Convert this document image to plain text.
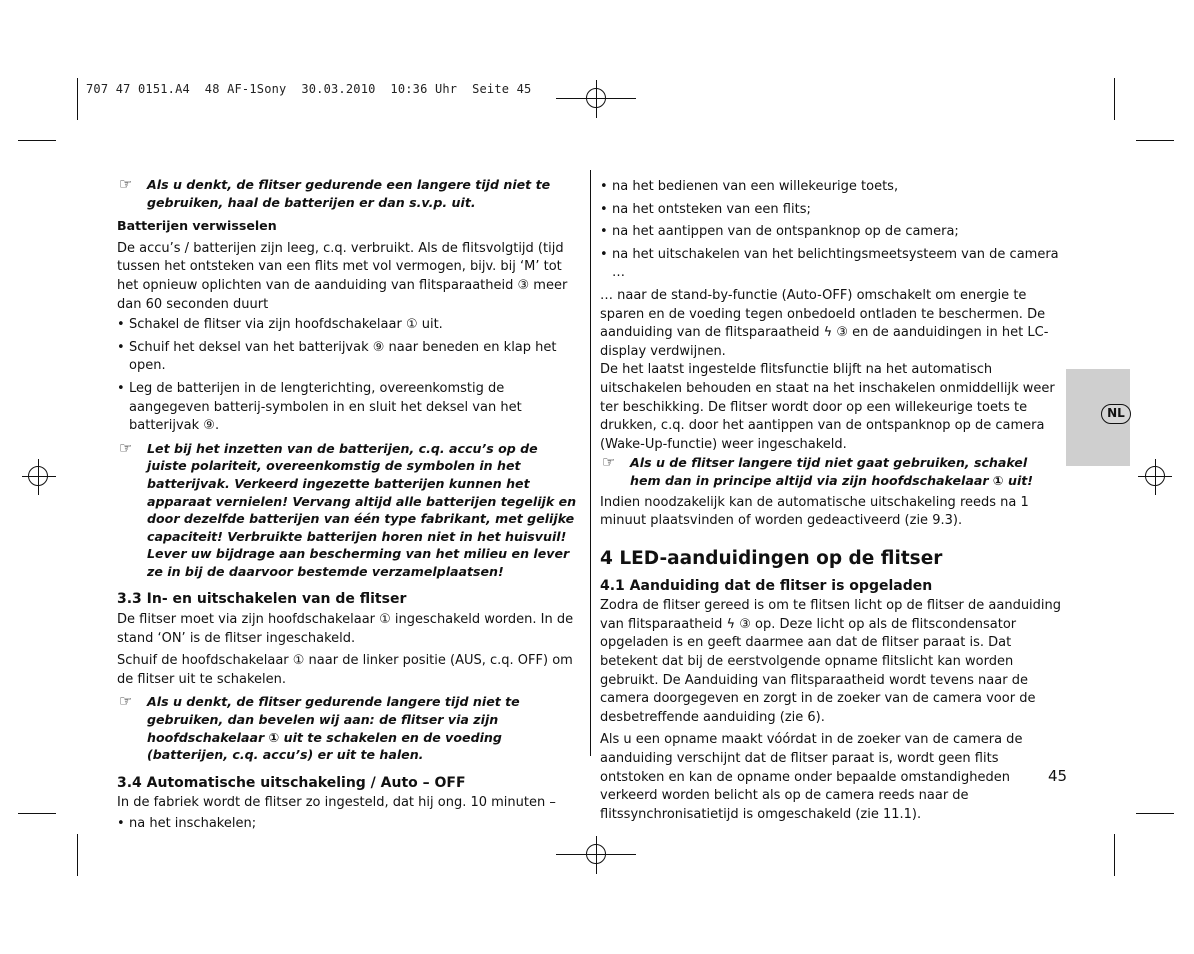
707 47 0151.A4  48 AF-1Sony  30.03.2010  10:36 Uhr  Seite 45

☞ Als u denkt, de flitser gedurende een langere tijd niet te gebruiken, haal de batterijen er dan s.v.p. uit.

Batterijen verwisselen

De accu’s / batterijen zijn leeg, c.q. verbruikt. Als de flitsvolgtijd (tijd tussen het ontsteken van een flits met vol vermogen, bijv. bij ‘M’ tot het opnieuw oplichten van de aanduiding van flitsparaatheid ③ meer dan 60 seconden duurt

• Schakel de flitser via zijn hoofdschakelaar ① uit.

• Schuif het deksel van het batterijvak ⑨ naar beneden en klap het open.

• Leg de batterijen in de lengterichting, overeenkomstig de aangegeven batterij-symbolen in en sluit het deksel van het batterijvak ⑨.

☞ Let bij het inzetten van de batterijen, c.q. accu’s op de juiste polariteit, overeenkomstig de symbolen in het batterijvak. Verkeerd ingezette batterijen kunnen het apparaat vernielen! Vervang altijd alle batterijen tegelijk en door dezelfde batterijen van één type fabrikant, met gelijke capaciteit! Verbruikte batterijen horen niet in het huisvuil! Lever uw bijdrage aan bescherming van het milieu en lever ze in bij de daarvoor bestemde verzamelplaatsen!

3.3 In- en uitschakelen van de flitser

De flitser moet via zijn hoofdschakelaar ① ingeschakeld worden. In de stand ‘ON’ is de flitser ingeschakeld.

Schuif de hoofdschakelaar ① naar de linker positie (AUS, c.q. OFF) om de flitser uit te schakelen.

☞ Als u denkt, de flitser gedurende langere tijd niet te gebruiken, dan bevelen wij aan: de flitser via zijn hoofdschakelaar ① uit te schakelen en de voeding (batterijen, c.q. accu’s) er uit te halen.

3.4 Automatische uitschakeling / Auto – OFF

In de fabriek wordt de flitser zo ingesteld, dat hij ong. 10 minuten –

• na het inschakelen;

• na het bedienen van een willekeurige toets,

• na het ontsteken van een flits;

• na het aantippen van de ontspanknop op de camera;

• na het uitschakelen van het belichtingsmeetsysteem van de camera …

… naar de stand-by-functie (Auto-OFF) omschakelt om energie te sparen en de voeding tegen onbedoeld ontladen te beschermen. De aanduiding van de flitsparaatheid ϟ ③ en de aanduidingen in het LC-display verdwijnen.

De het laatst ingestelde flitsfunctie blijft na het automatisch uitschakelen behouden en staat na het inschakelen onmiddellijk weer ter beschikking. De flitser wordt door op een willekeurige toets te drukken, c.q. door het aantippen van de ontspanknop op de camera (Wake-Up-functie) weer ingeschakeld.

☞ Als u de flitser langere tijd niet gaat gebruiken, schakel hem dan in principe altijd via zijn hoofdschakelaar ① uit!

Indien noodzakelijk kan de automatische uitschakeling reeds na 1 minuut plaatsvinden of worden gedeactiveerd (zie 9.3).

4 LED-aanduidingen op de flitser

4.1 Aanduiding dat de flitser is opgeladen

Zodra de flitser gereed is om te flitsen licht op de flitser de aanduiding van flitsparaatheid ϟ ③ op. Deze licht op als de flitscondensator opgeladen is en geeft daarmee aan dat de flitser paraat is. Dat betekent dat bij de eerstvolgende opname flitslicht kan worden gebruikt. De Aanduiding van flitsparaatheid wordt tevens naar de camera doorgegeven en zorgt in de zoeker van de camera voor de desbetreffende aanduiding (zie 6).

Als u een opname maakt vóórdat in de zoeker van de camera de aanduiding verschijnt dat de flitser paraat is, wordt geen flits ontstoken en kan de opname onder bepaalde omstandigheden verkeerd worden belicht als op de camera reeds naar de flitssynchronisatietijd is omgeschakeld (zie 11.1).

NL
45
